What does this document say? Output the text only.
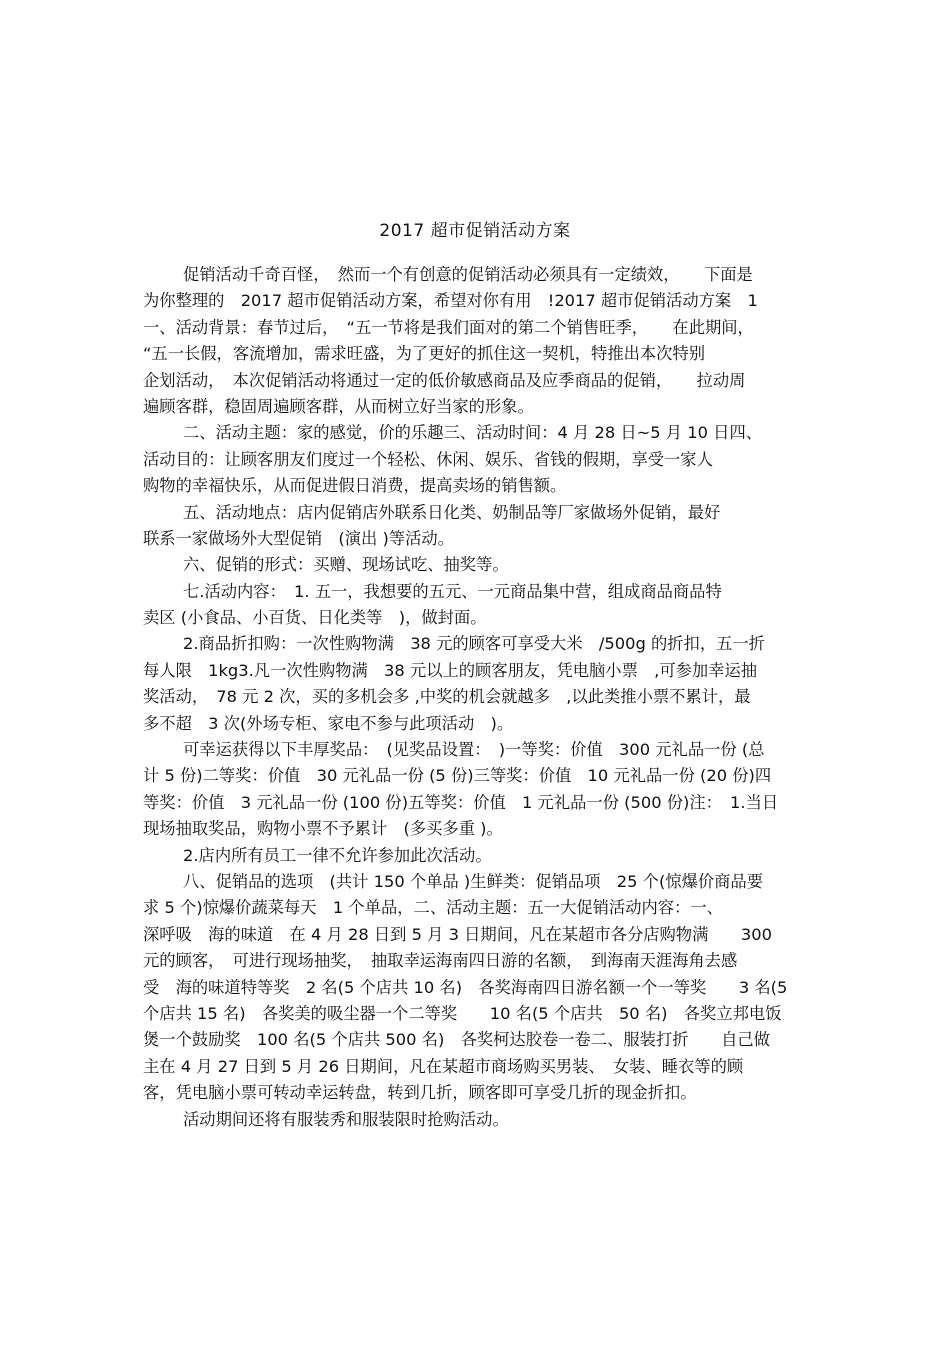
2017 超市促销活动方案
促销活动千奇百怪，　然而一个有创意的促销活动必须具有一定绩效，　　下面是
为你整理的　2017 超市促销活动方案，希望对你有用　!2017 超市促销活动方案　1
一、活动背景：春节过后，　“五一节将是我们面对的第二个销售旺季，　　在此期间，
“五一长假，客流增加，需求旺盛，为了更好的抓住这一契机，特推出本次特别
企划活动，　本次促销活动将通过一定的低价敏感商品及应季商品的促销，　　拉动周
遍顾客群，稳固周遍顾客群，从而树立好当家的形象。
二、活动主题：家的感觉，价的乐趣三、活动时间：4 月 28 日~5 月 10 日四、
活动目的：让顾客朋友们度过一个轻松、休闲、娱乐、省钱的假期，享受一家人
购物的幸福快乐，从而促进假日消费，提高卖场的销售额。
五、活动地点：店内促销店外联系日化类、奶制品等厂家做场外促销，最好
联系一家做场外大型促销　(演出 )等活动。
六、促销的形式：买赠、现场试吃、抽奖等。
七.活动内容：　1. 五一，我想要的五元、一元商品集中营，组成商品商品特
卖区 (小食品、小百货、日化类等　)，做封面。
2.商品折扣购：一次性购物满　38 元的顾客可享受大米　/500g 的折扣，五一折
每人限　1kg3.凡一次性购物满　38 元以上的顾客朋友，凭电脑小票　,可参加幸运抽
奖活动，　78 元 2 次，买的多机会多 ,中奖的机会就越多　,以此类推小票不累计，最
多不超　3 次(外场专柜、家电不参与此项活动　)。
可幸运获得以下丰厚奖品：　(见奖品设置：　)一等奖：价值　300 元礼品一份 (总
计 5 份)二等奖：价值　30 元礼品一份 (5 份)三等奖：价值　10 元礼品一份 (20 份)四
等奖：价值　3 元礼品一份 (100 份)五等奖：价值　1 元礼品一份 (500 份)注：　1.当日
现场抽取奖品，购物小票不予累计　(多买多重 )。
2.店内所有员工一律不允许参加此次活动。
八、促销品的选项　(共计 150 个单品 )生鲜类：促销品项　25 个(惊爆价商品要
求 5 个)惊爆价蔬菜每天　1 个单品，二、活动主题：五一大促销活动内容：一、
深呼吸　海的味道　在 4 月 28 日到 5 月 3 日期间，凡在某超市各分店购物满　　300
元的顾客，　可进行现场抽奖，　抽取幸运海南四日游的名额，　到海南天涯海角去感
受　海的味道特等奖　2 名(5 个店共 10 名)　各奖海南四日游名额一个一等奖　　3 名(5
个店共 15 名)　各奖美的吸尘器一个二等奖　　10 名(5 个店共　50 名)　各奖立邦电饭
煲一个鼓励奖　100 名(5 个店共 500 名)　各奖柯达胶卷一卷二、服装打折　　自己做
主在 4 月 27 日到 5 月 26 日期间，凡在某超市商场购买男装、　女装、睡衣等的顾
客，凭电脑小票可转动幸运转盘，转到几折，顾客即可享受几折的现金折扣。
活动期间还将有服装秀和服装限时抢购活动。
